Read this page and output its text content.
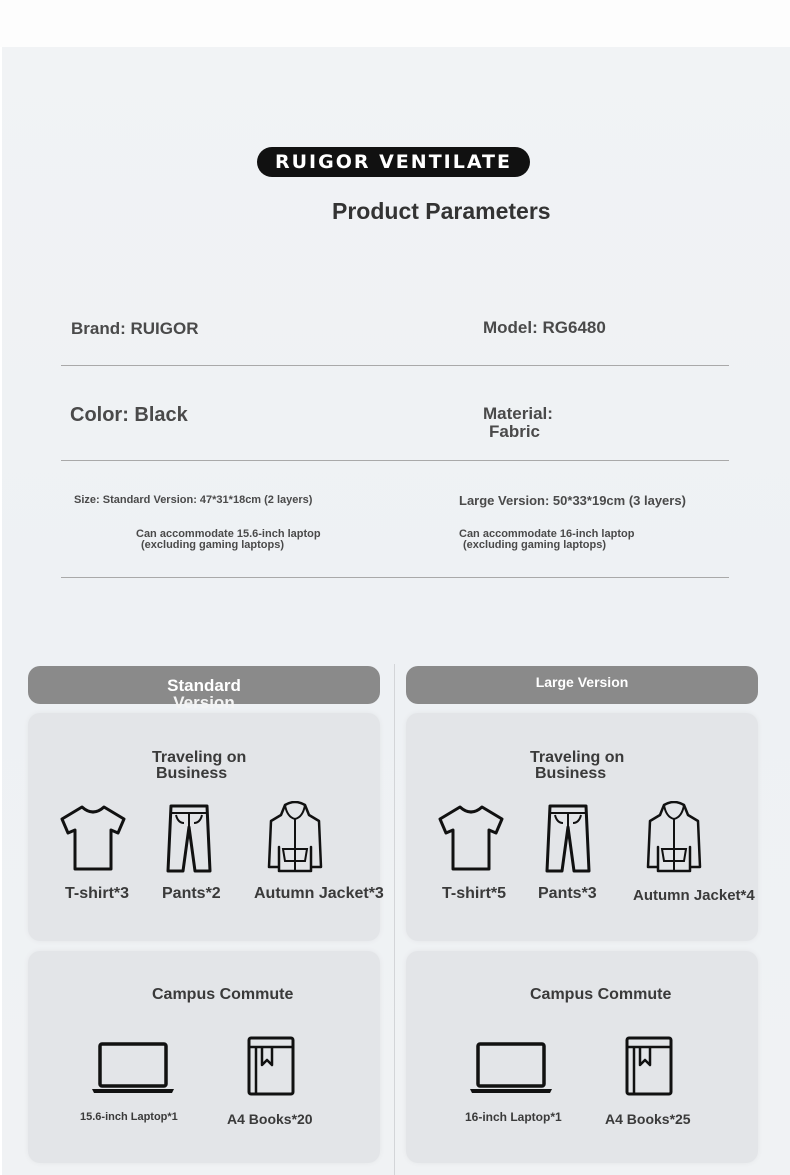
RUIGOR VENTILATE
Product Parameters
Brand: RUIGOR	Model: RG6480
Color: Black	Material:
Fabric
Size: Standard Version: 47*31*18cm (2 layers)	Large Version: 50*33*19cm (3 layers)
Can accommodate 15.6-inch laptop
(excluding gaming laptops)
Can accommodate 16-inch laptop
(excluding gaming laptops)
Standard
Version
Large Version
Traveling on
Business
T-shirt*3 Pants*2 Autumn Jacket*3
Traveling on
Business
T-shirt*5 Pants*3 Autumn Jacket*4
Campus Commute
15.6-inch Laptop*1	A4 Books*20
Campus Commute
16-inch Laptop*1	A4 Books*25
